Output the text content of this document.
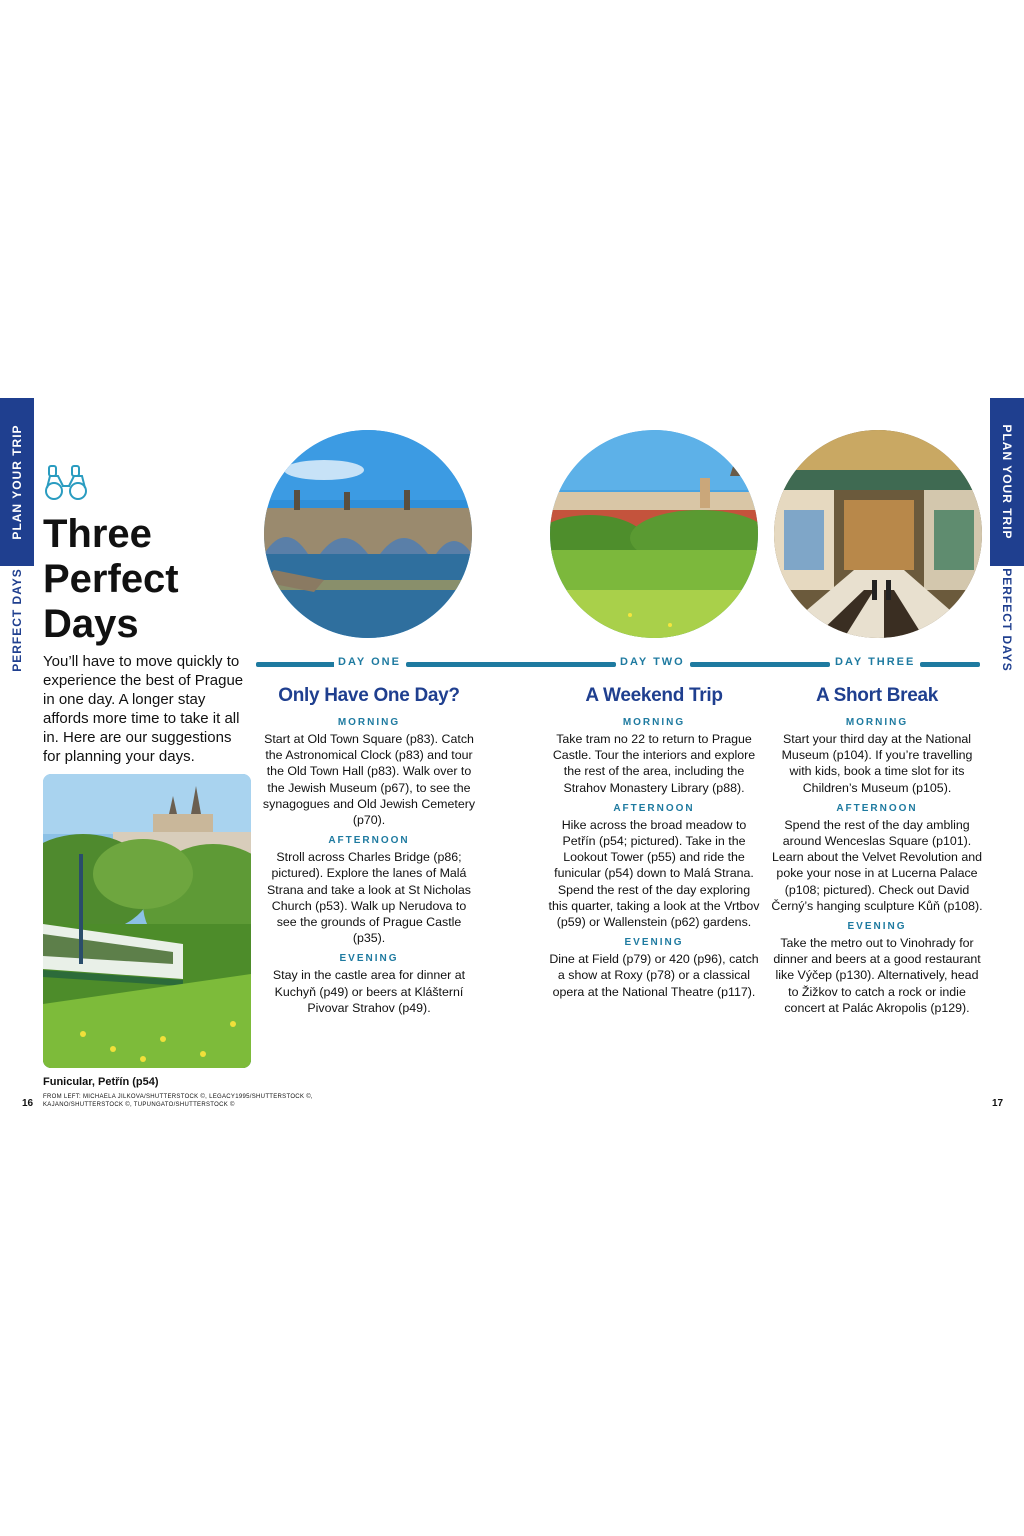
PLAN YOUR TRIP
PERFECT DAYS
PLAN YOUR TRIP
PERFECT DAYS
Three
Perfect
Days
You’ll have to move quickly to experience the best of Prague in one day. A longer stay affords more time to take it all in. Here are our suggestions for planning your days.
Funicular, Petřín (p54)
FROM LEFT: MICHAELA JILKOVA/SHUTTERSTOCK ©, LEGACY1995/SHUTTERSTOCK ©, KAJANO/SHUTTERSTOCK ©, TUPUNGATO/SHUTTERSTOCK ©
16	17
DAY ONE	DAY TWO	DAY THREE
Only Have One Day?
MORNING

Start at Old Town Square (p83). Catch the Astronomical Clock (p83) and tour the Old Town Hall (p83). Walk over to the Jewish Museum (p67), to see the synagogues and Old Jewish Cemetery (p70).

AFTERNOON

Stroll across Charles Bridge (p86; pictured). Explore the lanes of Malá Strana and take a look at St Nicholas Church (p53). Walk up Nerudova to see the grounds of Prague Castle (p35).

EVENING

Stay in the castle area for dinner at Kuchyň (p49) or beers at Klášterní Pivovar Strahov (p49).

A Weekend Trip
MORNING

Take tram no 22 to return to Prague Castle. Tour the interiors and explore the rest of the area, including the Strahov Monastery Library (p88).

AFTERNOON

Hike across the broad meadow to Petřín (p54; pictured). Take in the Lookout Tower (p55) and ride the funicular (p54) down to Malá Strana. Spend the rest of the day exploring this quarter, taking a look at the Vrtbov (p59) or Wallenstein (p62) gardens.

EVENING

Dine at Field (p79) or 420 (p96), catch a show at Roxy (p78) or a classical opera at the National Theatre (p117).

A Short Break
MORNING

Start your third day at the National Museum (p104). If you’re travelling with kids, book a time slot for its Children’s Museum (p105).

AFTERNOON

Spend the rest of the day ambling around Wenceslas Square (p101). Learn about the Velvet Revolution and poke your nose in at Lucerna Palace (p108; pictured). Check out David Černý’s hanging sculpture Kůň (p108).

EVENING

Take the metro out to Vinohrady for dinner and beers at a good restaurant like Výčep (p130). Alternatively, head to Žižkov to catch a rock or indie concert at Palác Akropolis (p129).
